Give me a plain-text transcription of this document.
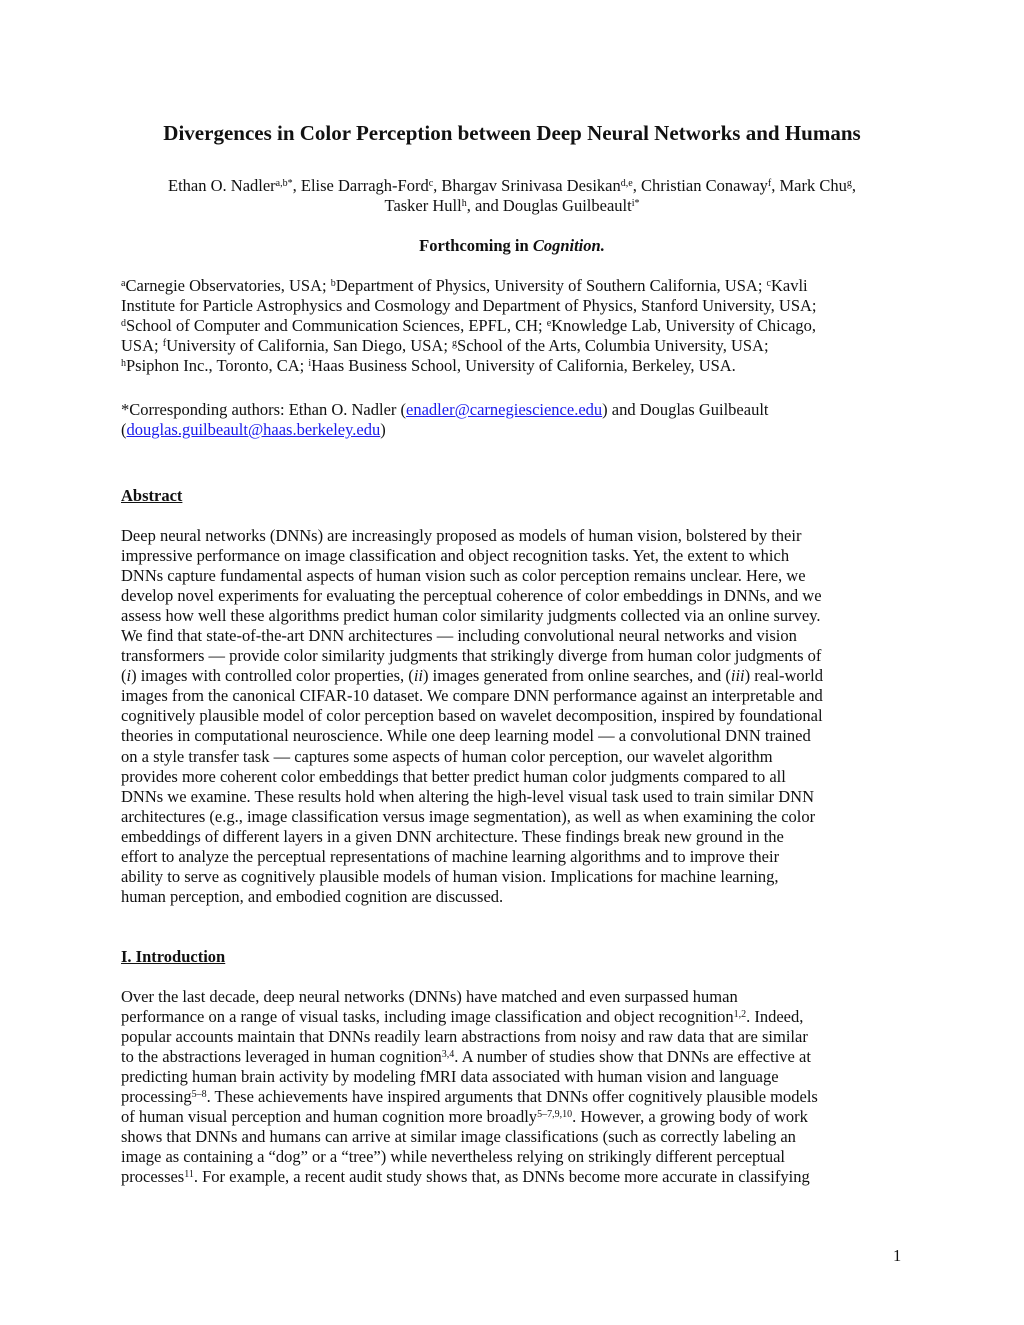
Divergences in Color Perception between Deep Neural Networks and Humans
Ethan O. Nadler$^{a,b*}$, Elise Darragh-Ford$^c$, Bhargav Srinivasa Desikan$^{d,e}$, Christian Conaway$^f$, Mark Chu$^g$,
Tasker Hull$^h$, and Douglas Guilbeault$^{i*}$
Forthcoming in Cognition.
$^a$Carnegie Observatories, USA; $^b$Department of Physics, University of Southern California, USA; $^c$Kavli
Institute for Particle Astrophysics and Cosmology and Department of Physics, Stanford University, USA;
$^d$School of Computer and Communication Sciences, EPFL, CH; $^e$Knowledge Lab, University of Chicago,
USA; $^f$University of California, San Diego, USA; $^g$School of the Arts, Columbia University, USA;
$^h$Psiphon Inc., Toronto, CA; $^i$Haas Business School, University of California, Berkeley, USA.
*Corresponding authors: Ethan O. Nadler (enadler@carnegiescience.edu) and Douglas Guilbeault
(douglas.guilbeault@haas.berkeley.edu)
Abstract
Deep neural networks (DNNs) are increasingly proposed as models of human vision, bolstered by their
impressive performance on image classification and object recognition tasks. Yet, the extent to which
DNNs capture fundamental aspects of human vision such as color perception remains unclear. Here, we
develop novel experiments for evaluating the perceptual coherence of color embeddings in DNNs, and we
assess how well these algorithms predict human color similarity judgments collected via an online survey.
We find that state-of-the-art DNN architectures — including convolutional neural networks and vision
transformers — provide color similarity judgments that strikingly diverge from human color judgments of
(i) images with controlled color properties, (ii) images generated from online searches, and (iii) real-world
images from the canonical CIFAR-10 dataset. We compare DNN performance against an interpretable and
cognitively plausible model of color perception based on wavelet decomposition, inspired by foundational
theories in computational neuroscience. While one deep learning model — a convolutional DNN trained
on a style transfer task — captures some aspects of human color perception, our wavelet algorithm
provides more coherent color embeddings that better predict human color judgments compared to all
DNNs we examine. These results hold when altering the high-level visual task used to train similar DNN
architectures (e.g., image classification versus image segmentation), as well as when examining the color
embeddings of different layers in a given DNN architecture. These findings break new ground in the
effort to analyze the perceptual representations of machine learning algorithms and to improve their
ability to serve as cognitively plausible models of human vision. Implications for machine learning,
human perception, and embodied cognition are discussed.
I. Introduction
Over the last decade, deep neural networks (DNNs) have matched and even surpassed human
performance on a range of visual tasks, including image classification and object recognition$^{1,2}$. Indeed,
popular accounts maintain that DNNs readily learn abstractions from noisy and raw data that are similar
to the abstractions leveraged in human cognition$^{3,4}$. A number of studies show that DNNs are effective at
predicting human brain activity by modeling fMRI data associated with human vision and language
processing$^{5-8}$. These achievements have inspired arguments that DNNs offer cognitively plausible models
of human visual perception and human cognition more broadly$^{5-7,9,10}$. However, a growing body of work
shows that DNNs and humans can arrive at similar image classifications (such as correctly labeling an
image as containing a “dog” or a “tree”) while nevertheless relying on strikingly different perceptual
processes$^{11}$. For example, a recent audit study shows that, as DNNs become more accurate in classifying
1
